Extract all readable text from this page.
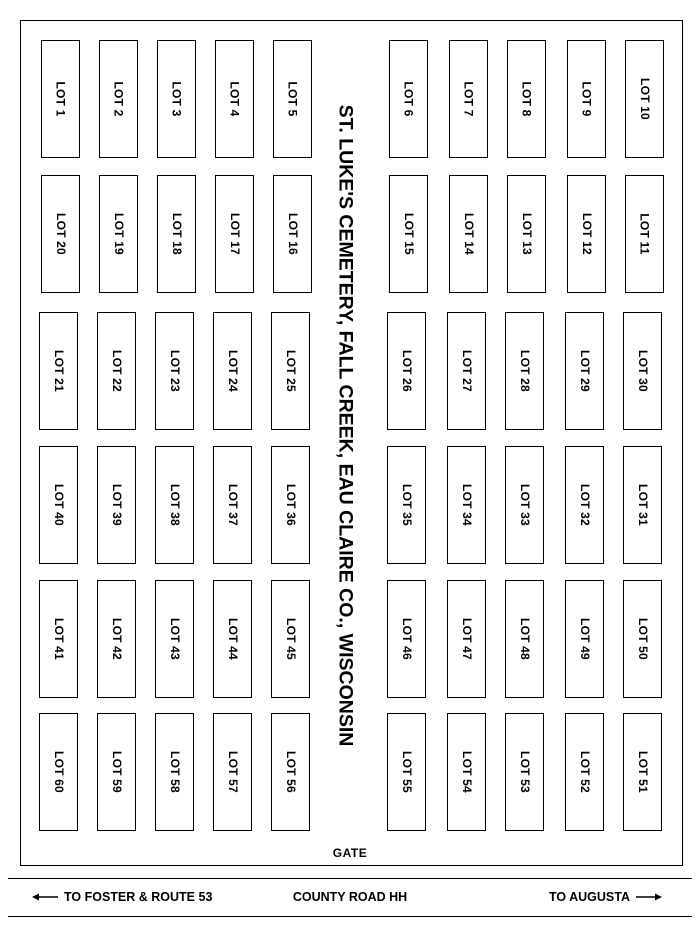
LOT 1	LOT 2	LOT 3	LOT 4	LOT 5	LOT 6	LOT 7	LOT 8	LOT 9	LOT 10
LOT 20	LOT 19	LOT 18	LOT 17	LOT 16	LOT 15	LOT 14	LOT 13	LOT 12	LOT 11
LOT 21	LOT 22	LOT 23	LOT 24	LOT 25	LOT 26	LOT 27	LOT 28	LOT 29	LOT 30
LOT 40	LOT 39	LOT 38	LOT 37	LOT 36	LOT 35	LOT 34	LOT 33	LOT 32	LOT 31
LOT 41	LOT 42	LOT 43	LOT 44	LOT 45	LOT 46	LOT 47	LOT 48	LOT 49	LOT 50
LOT 60	LOT 59	LOT 58	LOT 57	LOT 56	LOT 55	LOT 54	LOT 53	LOT 52	LOT 51
ST. LUKE'S CEMETERY, FALL CREEK, EAU CLAIRE CO., WISCONSIN
GATE
TO FOSTER & ROUTE 53	COUNTY ROAD HH	TO AUGUSTA
